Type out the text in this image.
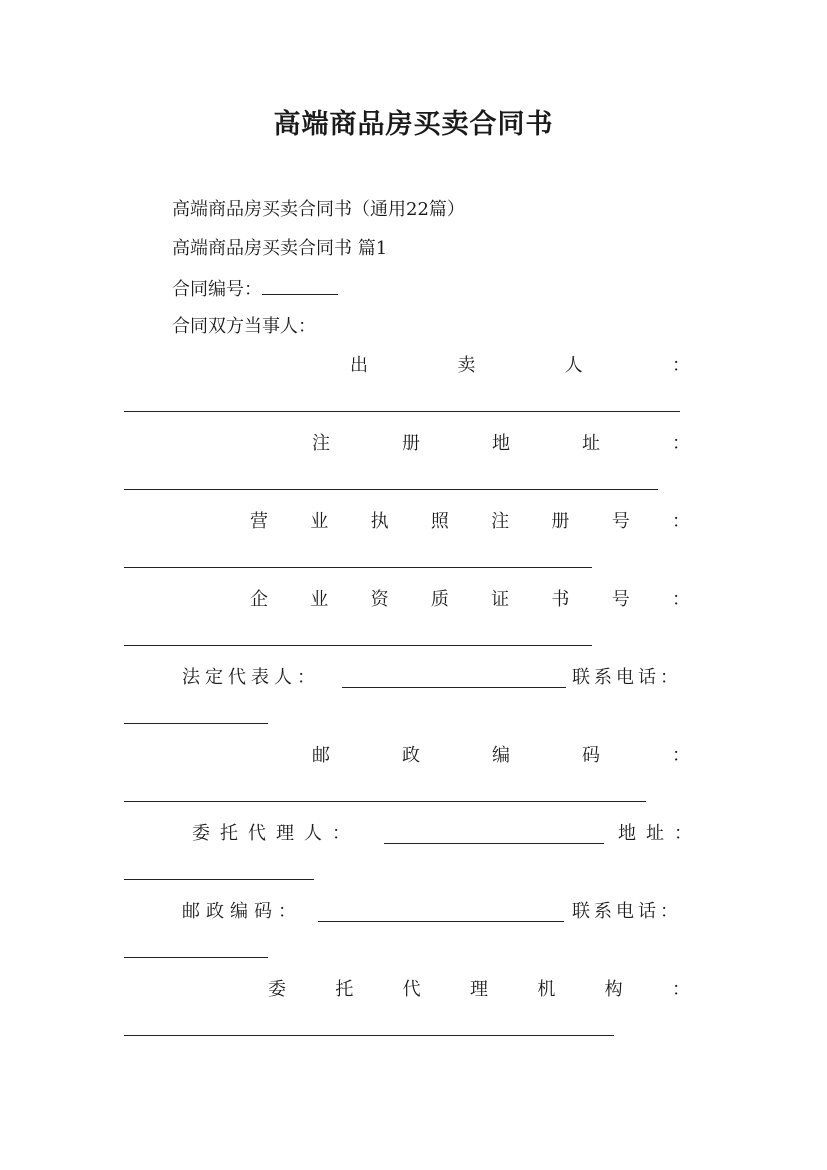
高端商品房买卖合同书
高端商品房买卖合同书（通用22篇）
高端商品房买卖合同书 篇1
合同编号：
合同双方当事人：
出	卖	人	：
注	册	地	址	：
营 业 执 照 注 册 号 ：
企 业 资 质 证 书 号 ：
法定代表人：	联系电话：
邮	政	编	码	：
委托代理人：	地址：
邮政编码：	联系电话：
委	托	代	理	机	构	：
